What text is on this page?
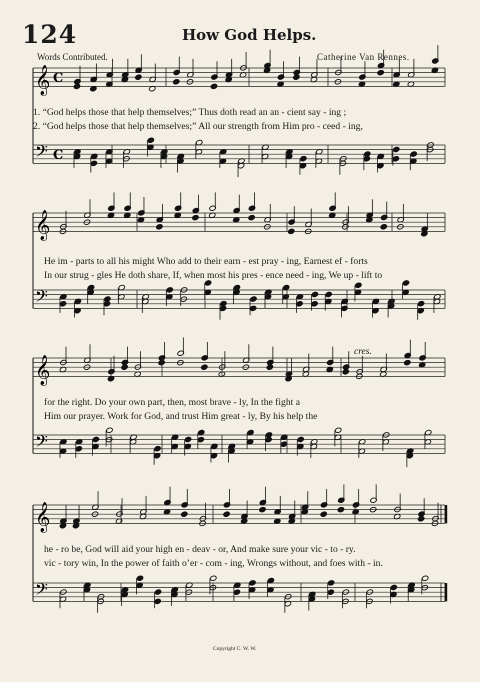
124	How God Helps.
Words Contributed.	Catherine Van Rennes.
𝄞 C
𝄢 C
𝄞
𝄢
𝄞
𝄢
𝄞
𝄢
cres.
1. “God helps those that help themselves;” Thus doth read an an - cient say - ing ;
2. “God helps those that help themselves;” All our strength from Him pro - ceed - ing,
He im - parts to all his might Who add to their earn - est pray - ing, Earnest ef - forts
In our strug - gles He doth share, If, when most his pres - ence need - ing, We up - lift to
for the right. Do your own part, then, most brave - ly, In the fight a
Him our prayer. Work for God, and trust Him great - ly, By his help the
he - ro be, God will aid your high en - deav - or, And make sure your vic - to - ry.
vic - tory win, In the power of faith o’er - com - ing, Wrongs without, and foes with - in.
Copyright C. W. W.
